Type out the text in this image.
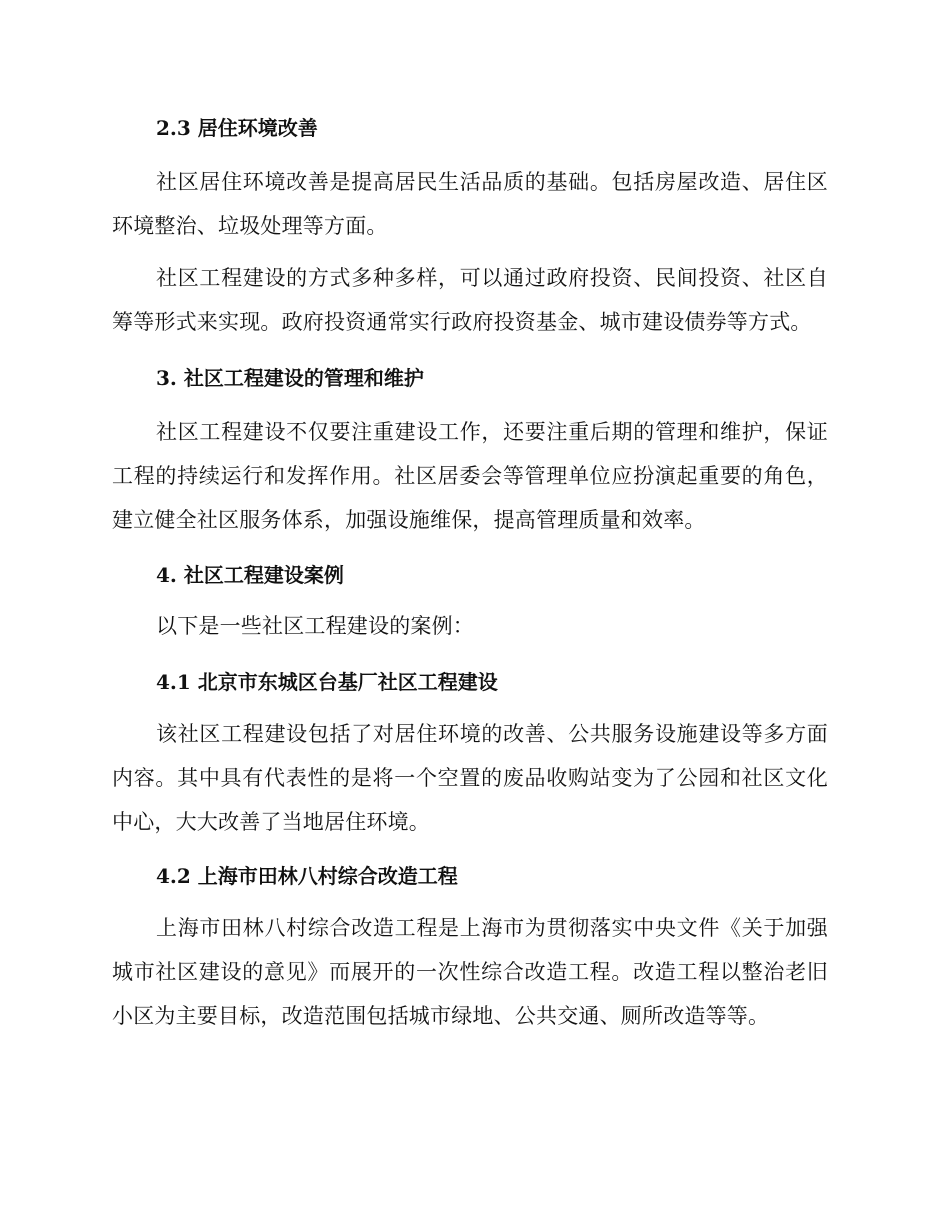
2.3 居住环境改善

社区居住环境改善是提高居民生活品质的基础。包括房屋改造、居住区环境整治、垃圾处理等方面。

社区工程建设的方式多种多样，可以通过政府投资、民间投资、社区自筹等形式来实现。政府投资通常实行政府投资基金、城市建设债券等方式。

3. 社区工程建设的管理和维护

社区工程建设不仅要注重建设工作，还要注重后期的管理和维护，保证工程的持续运行和发挥作用。社区居委会等管理单位应扮演起重要的角色，建立健全社区服务体系，加强设施维保，提高管理质量和效率。

4. 社区工程建设案例

以下是一些社区工程建设的案例：

4.1 北京市东城区台基厂社区工程建设

该社区工程建设包括了对居住环境的改善、公共服务设施建设等多方面内容。其中具有代表性的是将一个空置的废品收购站变为了公园和社区文化中心，大大改善了当地居住环境。

4.2 上海市田林八村综合改造工程

上海市田林八村综合改造工程是上海市为贯彻落实中央文件《关于加强城市社区建设的意见》而展开的一次性综合改造工程。改造工程以整治老旧小区为主要目标，改造范围包括城市绿地、公共交通、厕所改造等等。
